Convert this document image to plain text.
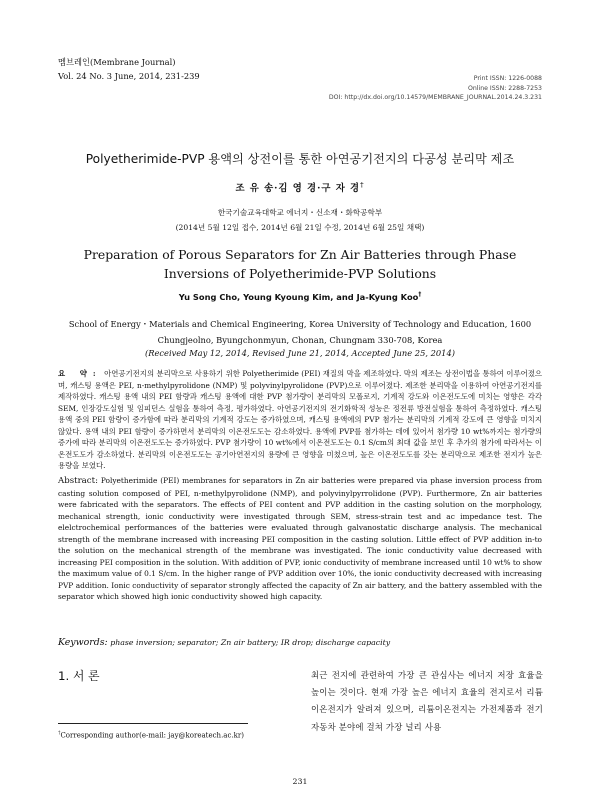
멤브레인(Membrane Journal)
Vol. 24 No. 3 June, 2014, 231-239	Print ISSN: 1226-0088
Online ISSN: 2288-7253
DOI: http://dx.doi.org/10.14579/MEMBRANE_JOURNAL.2014.24.3.231
Polyetherimide-PVP 용액의 상전이를 통한 아연공기전지의 다공성 분리막 제조
조 유 송·김 영 경·구 자 경†
한국기술교육대학교 에너지・신소재・화학공학부
(2014년 5월 12일 접수, 2014년 6월 21일 수정, 2014년 6월 25일 채택)
Preparation of Porous Separators for Zn Air Batteries through Phase Inversions of Polyetherimide-PVP Solutions
Yu Song Cho, Young Kyoung Kim, and Ja-Kyung Koo†
School of Energy・Materials and Chemical Engineering, Korea University of Technology and Education, 1600
Chungjeolno, Byungchonmyun, Chonan, Chungnam 330-708, Korea
(Received May 12, 2014, Revised June 21, 2014, Accepted June 25, 2014)
요 약: 아연공기전지의 분리막으로 사용하기 위한 Polyetherimide (PEI) 재질의 막을 제조하였다. 막의 제조는 상전이법을 통하여 이루어졌으며, 캐스팅 용액은 PEI, n-methylpyrolidone (NMP) 및 polyvinylpyrolidone (PVP)으로 이루어졌다. 제조한 분리막을 이용하여 아연공기전지를 제작하였다. 캐스팅 용액 내의 PEI 함량과 캐스팅 용액에 대한 PVP 첨가량이 분리막의 모폴로지, 기계적 강도와 이온전도도에 미치는 영향은 각각 SEM, 인장강도실험 및 임피던스 실험을 통하여 측정, 평가하였다. 아연공기전지의 전기화학적 성능은 정전류 방전실험을 통하여 측정하였다. 캐스팅 용액 중의 PEI 함량이 증가함에 따라 분리막의 기계적 강도는 증가하였으며, 캐스팅 용액에의 PVP 첨가는 분리막의 기계적 강도에 큰 영향을 미치지 않았다. 용액 내의 PEI 함량이 증가하면서 분리막의 이온전도도는 감소하였다. 용액에 PVP를 첨가하는 데에 있어서 첨가량 10 wt%까지는 첨가량의 증가에 따라 분리막의 이온전도도는 증가하였다. PVP 첨가량이 10 wt%에서 이온전도도는 0.1 S/cm의 최대 값을 보인 후 추가의 첨가에 따라서는 이온전도도가 감소하였다. 분리막의 이온전도도는 공기아연전지의 용량에 큰 영향을 미쳤으며, 높은 이온전도도를 갖는 분리막으로 제조한 전지가 높은 용량을 보였다.
Abstract: Polyetherimide (PEI) membranes for separators in Zn air batteries were prepared via phase inversion process from casting solution composed of PEI, n-methylpyrolidone (NMP), and polyvinylpyrrolidone (PVP). Furthermore, Zn air batteries were fabricated with the separators. The effects of PEI content and PVP addition in the casting solution on the morphology, mechanical strength, ionic conductivity were investigated through SEM, stress-strain test and ac impedance test. The elelctrochemical performances of the batteries were evaluated through galvanostatic discharge analysis. The mechanical strength of the membrane increased with increasing PEI composition in the casting solution. Little effect of PVP addition in-to the solution on the mechanical strength of the membrane was investigated. The ionic conductivity value decreased with increasing PEI composition in the solution. With addition of PVP, ionic conductivity of membrane increased until 10 wt% to show the maximum value of 0.1 S/cm. In the higher range of PVP addition over 10%, the ionic conductivity decreased with increasing PVP addition. Ionic conductivity of separator strongly affected the capacity of Zn air battery, and the battery assembled with the separator which showed high ionic conductivity showed high capacity.
Keywords: phase inversion; separator; Zn air battery; IR drop; discharge capacity
1. 서 론	최근 전지에 관련하여 가장 큰 관심사는 에너지 저장 효율을 높이는 것이다. 현재 가장 높은 에너지 효율의 전지로서 리튬이온전지가 알려져 있으며, 리튬이온전지는 가전제품과 전기자동차 분야에 걸쳐 가장 널리 사용
†Corresponding author(e-mail: jay@koreatech.ac.kr)
231
